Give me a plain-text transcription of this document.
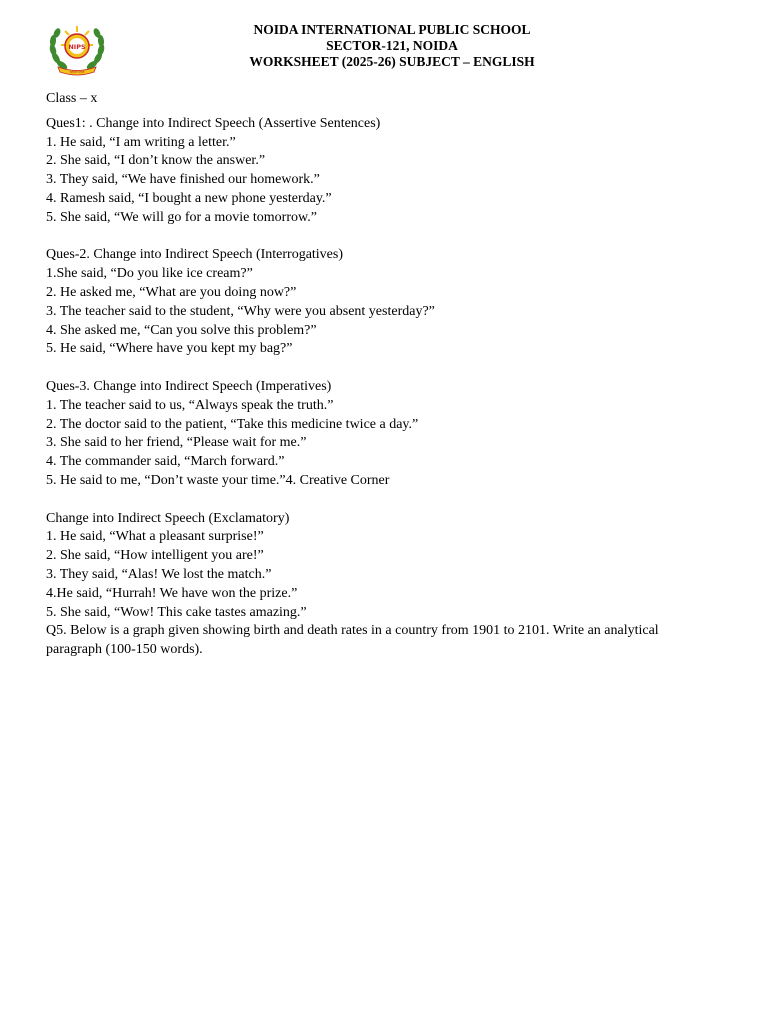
NIPS
सत्यमेव जयते
NOIDA INTERNATIONAL PUBLIC SCHOOL
SECTOR-121, NOIDA
WORKSHEET (2025-26) SUBJECT – ENGLISH
Class – x
Ques1: . Change into Indirect Speech (Assertive Sentences)
1. He said, “I am writing a letter.”
2. She said, “I don’t know the answer.”
3. They said, “We have finished our homework.”
4. Ramesh said, “I bought a new phone yesterday.”
5. She said, “We will go for a movie tomorrow.”
Ques-2. Change into Indirect Speech (Interrogatives)
1.She said, “Do you like ice cream?”
2. He asked me, “What are you doing now?”
3. The teacher said to the student, “Why were you absent yesterday?”
4. She asked me, “Can you solve this problem?”
5. He said, “Where have you kept my bag?”
Ques-3. Change into Indirect Speech (Imperatives)
1. The teacher said to us, “Always speak the truth.”
2. The doctor said to the patient, “Take this medicine twice a day.”
3. She said to her friend, “Please wait for me.”
4. The commander said, “March forward.”
5. He said to me, “Don’t waste your time.”4. Creative Corner
Change into Indirect Speech (Exclamatory)
1. He said, “What a pleasant surprise!”
2. She said, “How intelligent you are!”
3. They said, “Alas! We lost the match.”
4.He said, “Hurrah! We have won the prize.”
5. She said, “Wow! This cake tastes amazing.”
Q5. Below is a graph given showing birth and death rates in a country from 1901 to 2101. Write an analytical paragraph (100-150 words).
